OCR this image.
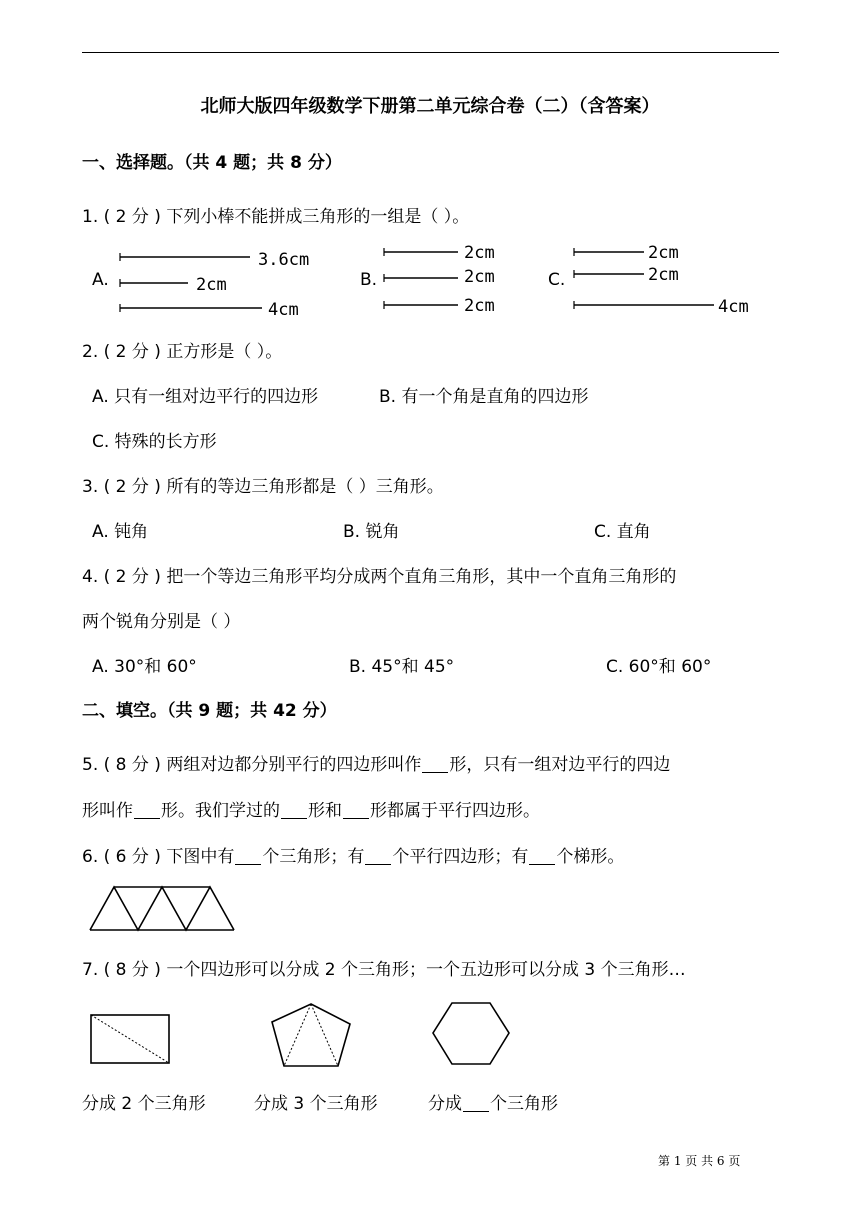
北师大版四年级数学下册第二单元综合卷（二）（含答案）
一、选择题。（共 4 题；共 8 分）
1. ( 2 分 ) 下列小棒不能拼成三角形的一组是（ ）。
A.
3.6cm
2cm
4cm
B.
2cm
2cm
2cm
C.
2cm
2cm
4cm
2. ( 2 分 ) 正方形是（ ）。
A. 只有一组对边平行的四边形	B. 有一个角是直角的四边形
C. 特殊的长方形
3. ( 2 分 ) 所有的等边三角形都是（ ）三角形。
A. 钝角	B. 锐角	C. 直角
4. ( 2 分 ) 把一个等边三角形平均分成两个直角三角形，其中一个直角三角形的
两个锐角分别是（ ）
A. 30°和 60°	B. 45°和 45°	C. 60°和 60°
二、填空。（共 9 题；共 42 分）
5. ( 8 分 ) 两组对边都分别平行的四边形叫作 形，只有一组对边平行的四边
形叫作 形。我们学过的 形和 形都属于平行四边形。
6. ( 6 分 ) 下图中有 个三角形；有 个平行四边形；有 个梯形。
7. ( 8 分 ) 一个四边形可以分成 2 个三角形；一个五边形可以分成 3 个三角形…
分成 2 个三角形	分成 3 个三角形	分成 个三角形
第 1 页 共 6 页
